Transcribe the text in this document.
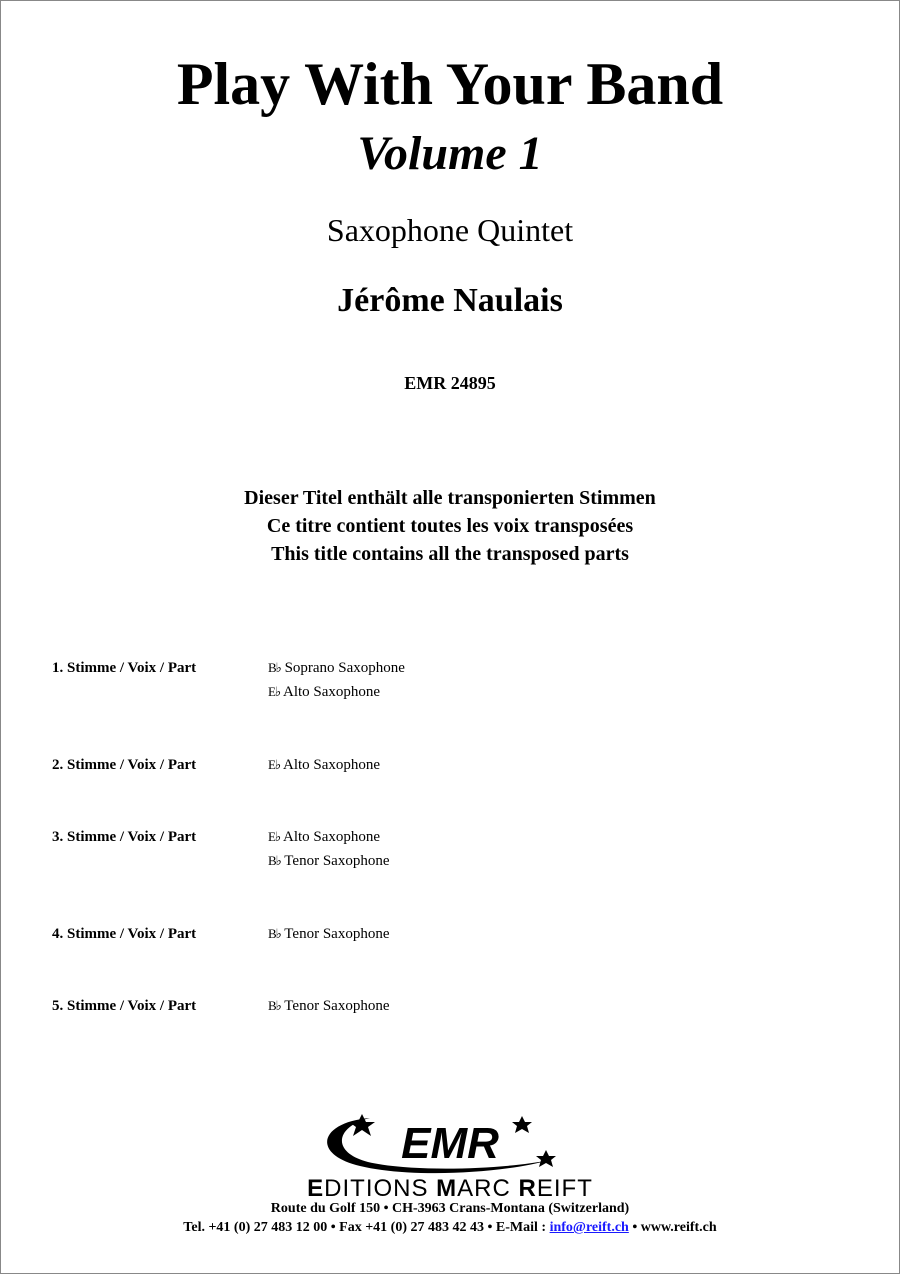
Play With Your Band
Volume 1
Saxophone Quintet
Jérôme Naulais
EMR 24895
Dieser Titel enthält alle transponierten Stimmen
Ce titre contient toutes les voix transposées
This title contains all the transposed parts
1. Stimme / Voix / Part	B♭ Soprano Saxophone
E♭ Alto Saxophone
2. Stimme / Voix / Part	E♭ Alto Saxophone
3. Stimme / Voix / Part	E♭ Alto Saxophone
B♭ Tenor Saxophone
4. Stimme / Voix / Part	B♭ Tenor Saxophone
5. Stimme / Voix / Part	B♭ Tenor Saxophone
EMR
EDITIONS MARC REIFT
Route du Golf 150 • CH-3963 Crans-Montana (Switzerland)
Tel. +41 (0) 27 483 12 00 • Fax +41 (0) 27 483 42 43 • E-Mail : info@reift.ch • www.reift.ch
